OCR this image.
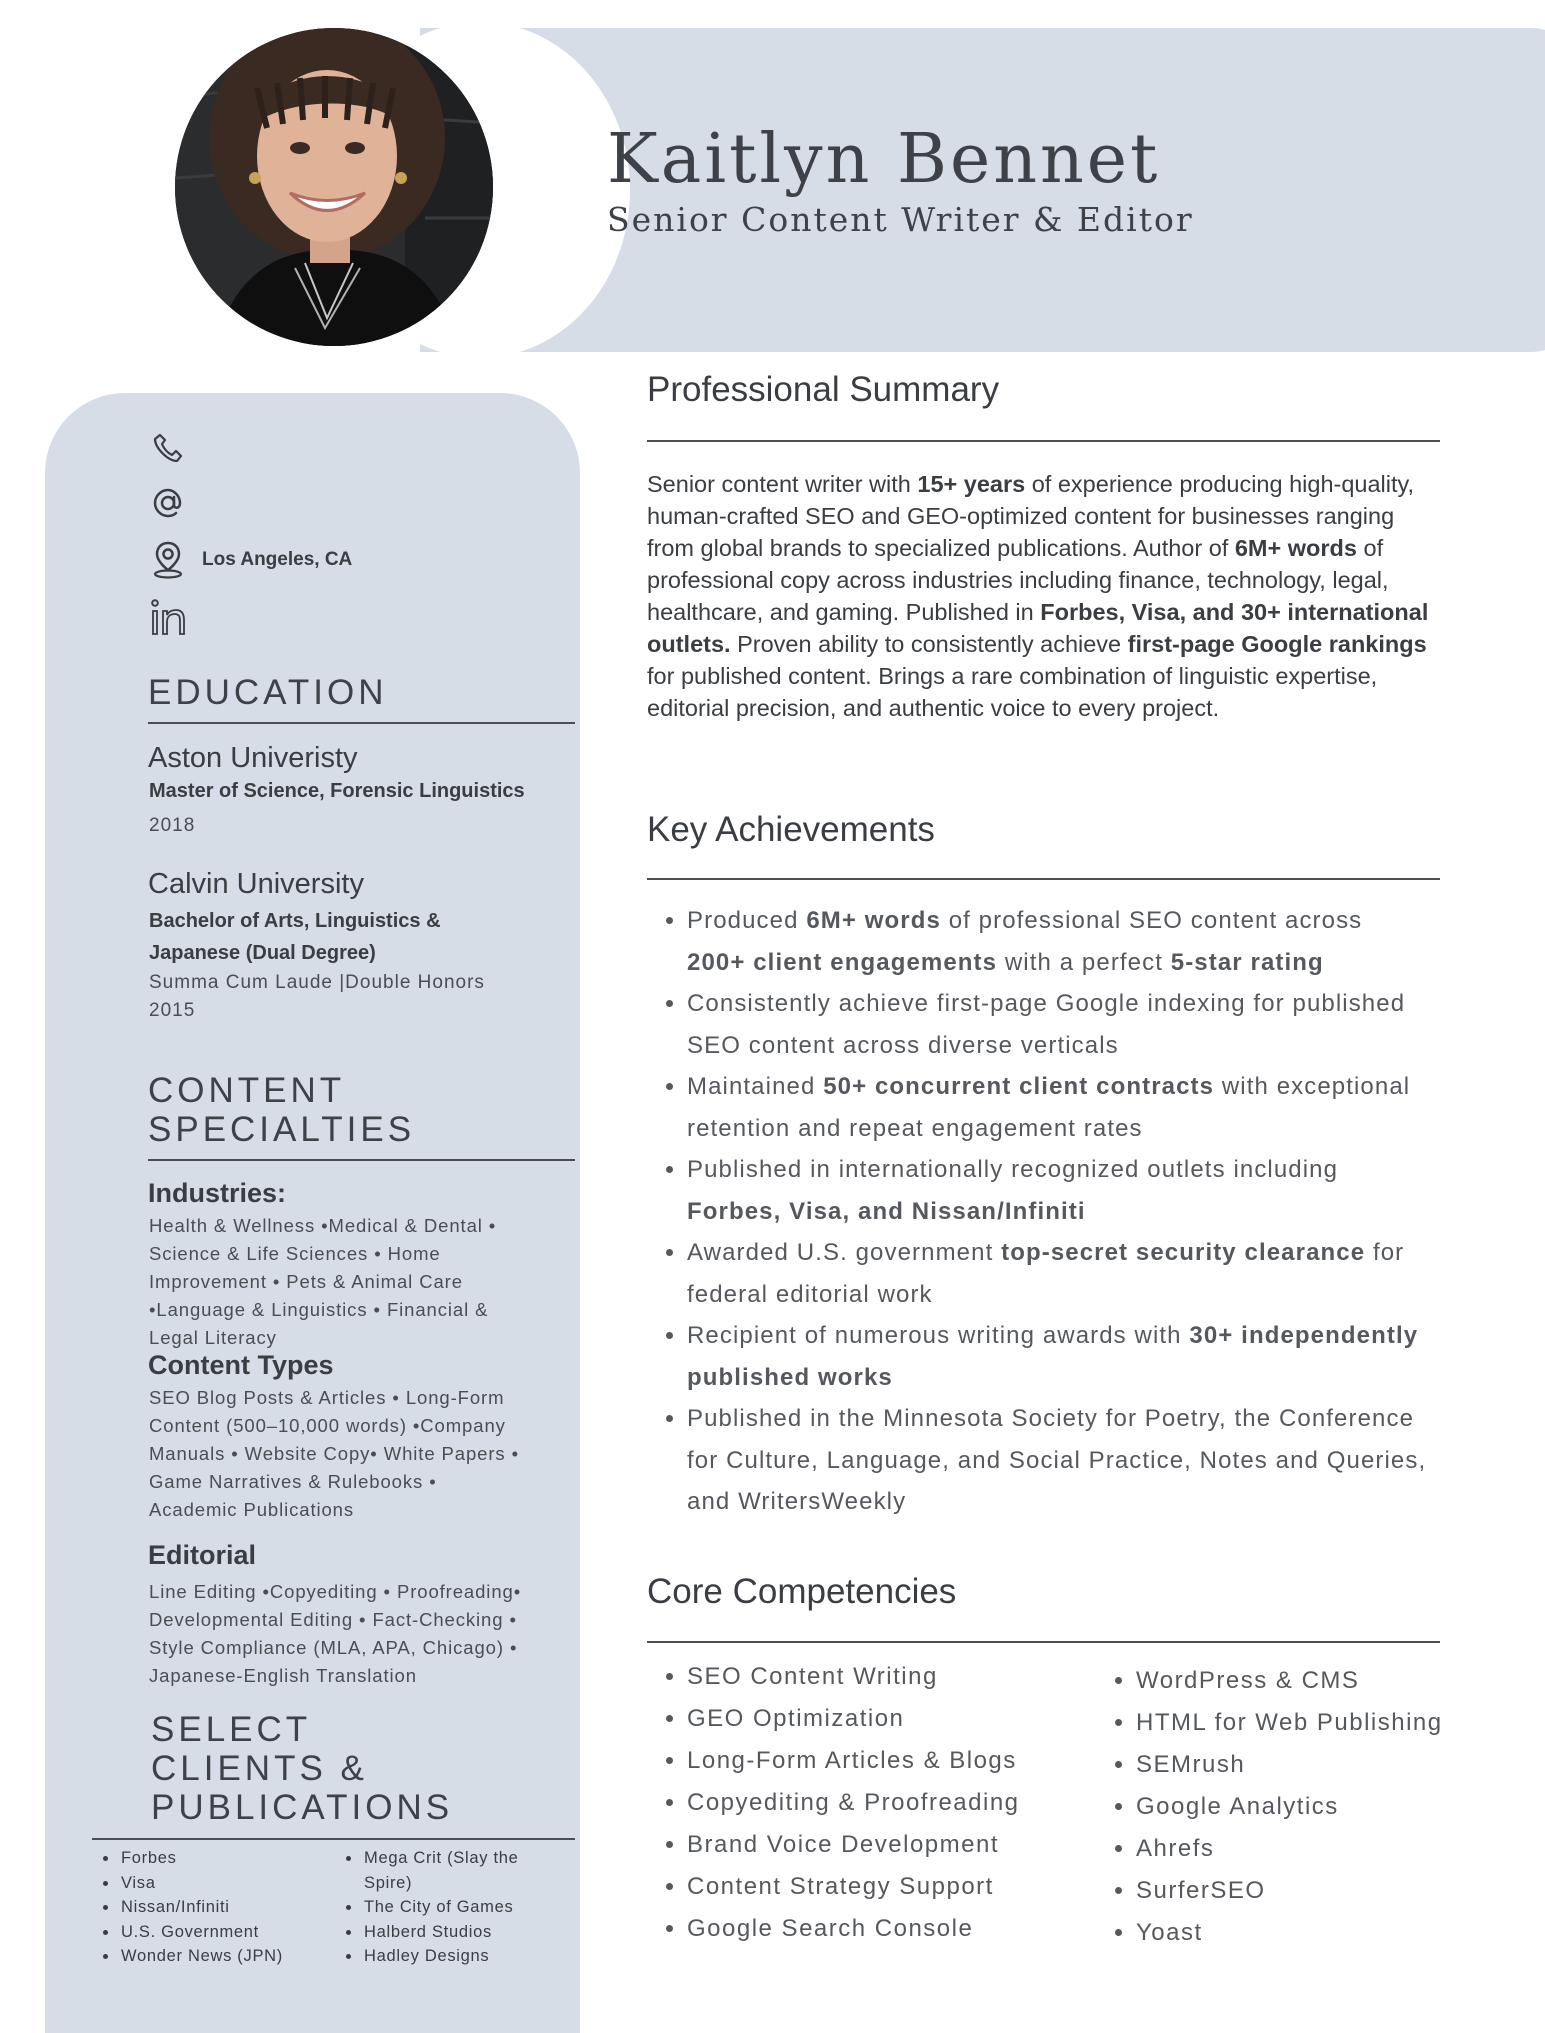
Kaitlyn Bennet
Senior Content Writer & Editor
Los Angeles, CA
EDUCATION
Aston Univeristy
Master of Science, Forensic Linguistics
2018
Calvin University
Bachelor of Arts, Linguistics &
Japanese (Dual Degree)
Summa Cum Laude |Double Honors
2015
CONTENT
SPECIALTIES
Industries:
Health & Wellness •Medical & Dental •
Science & Life Sciences • Home
Improvement • Pets & Animal Care
•Language & Linguistics • Financial &
Legal Literacy
Content Types
SEO Blog Posts & Articles • Long-Form
Content (500–10,000 words) •Company
Manuals • Website Copy• White Papers •
Game Narratives & Rulebooks •
Academic Publications
Editorial
Line Editing •Copyediting • Proofreading•
Developmental Editing • Fact-Checking •
Style Compliance (MLA, APA, Chicago) •
Japanese-English Translation
SELECT
CLIENTS &
PUBLICATIONS
• Forbes
• Visa
• Nissan/Infiniti
• U.S. Government
• Wonder News (JPN)
• Mega Crit (Slay the Spire)
• The City of Games
• Halberd Studios
• Hadley Designs
Professional Summary
Senior content writer with 15+ years of experience producing high-quality, human-crafted SEO and GEO-optimized content for businesses ranging from global brands to specialized publications. Author of 6M+ words of professional copy across industries including finance, technology, legal, healthcare, and gaming. Published in Forbes, Visa, and 30+ international outlets. Proven ability to consistently achieve first-page Google rankings for published content. Brings a rare combination of linguistic expertise, editorial precision, and authentic voice to every project.
Key Achievements
• Produced 6M+ words of professional SEO content across 200+ client engagements with a perfect 5-star rating
• Consistently achieve first-page Google indexing for published SEO content across diverse verticals
• Maintained 50+ concurrent client contracts with exceptional retention and repeat engagement rates
• Published in internationally recognized outlets including Forbes, Visa, and Nissan/Infiniti
• Awarded U.S. government top-secret security clearance for federal editorial work
• Recipient of numerous writing awards with 30+ independently published works
• Published in the Minnesota Society for Poetry, the Conference for Culture, Language, and Social Practice, Notes and Queries, and WritersWeekly
Core Competencies
• SEO Content Writing
• GEO Optimization
• Long-Form Articles & Blogs
• Copyediting & Proofreading
• Brand Voice Development
• Content Strategy Support
• Google Search Console
• WordPress & CMS
• HTML for Web Publishing
• SEMrush
• Google Analytics
• Ahrefs
• SurferSEO
• Yoast
